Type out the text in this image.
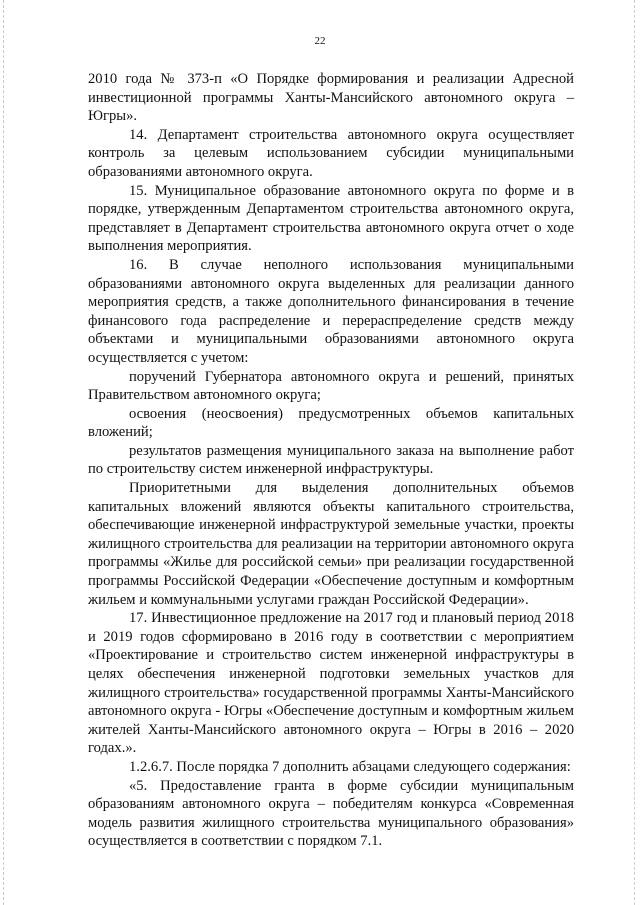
22

2010 года № 373-п «О Порядке формирования и реализации Адресной инвестиционной программы Ханты-Мансийского автономного округа – Югры».

14. Департамент строительства автономного округа осуществляет контроль за целевым использованием субсидии муниципальными образованиями автономного округа.

15. Муниципальное образование автономного округа по форме и в порядке, утвержденным Департаментом строительства автономного округа, представляет в Департамент строительства автономного округа отчет о ходе выполнения мероприятия.

16. В случае неполного использования муниципальными образованиями автономного округа выделенных для реализации данного мероприятия средств, а также дополнительного финансирования в течение финансового года распределение и перераспределение средств между объектами и муниципальными образованиями автономного округа осуществляется с учетом:

поручений Губернатора автономного округа и решений, принятых Правительством автономного округа;

освоения (неосвоения) предусмотренных объемов капитальных вложений;

результатов размещения муниципального заказа на выполнение работ по строительству систем инженерной инфраструктуры.

Приоритетными для выделения дополнительных объемов капитальных вложений являются объекты капитального строительства, обеспечивающие инженерной инфраструктурой земельные участки, проекты жилищного строительства для реализации на территории автономного округа программы «Жилье для российской семьи» при реализации государственной программы Российской Федерации «Обеспечение доступным и комфортным жильем и коммунальными услугами граждан Российской Федерации».

17. Инвестиционное предложение на 2017 год и плановый период 2018 и 2019 годов сформировано в 2016 году в соответствии с мероприятием «Проектирование и строительство систем инженерной инфраструктуры в целях обеспечения инженерной подготовки земельных участков для жилищного строительства» государственной программы Ханты-Мансийского автономного округа - Югры «Обеспечение доступным и комфортным жильем жителей Ханты-Мансийского автономного округа – Югры в 2016 – 2020 годах.».

1.2.6.7. После порядка 7 дополнить абзацами следующего содержания:

«5. Предоставление гранта в форме субсидии муниципальным образованиям автономного округа – победителям конкурса «Современная модель развития жилищного строительства муниципального образования» осуществляется в соответствии с порядком 7.1.
